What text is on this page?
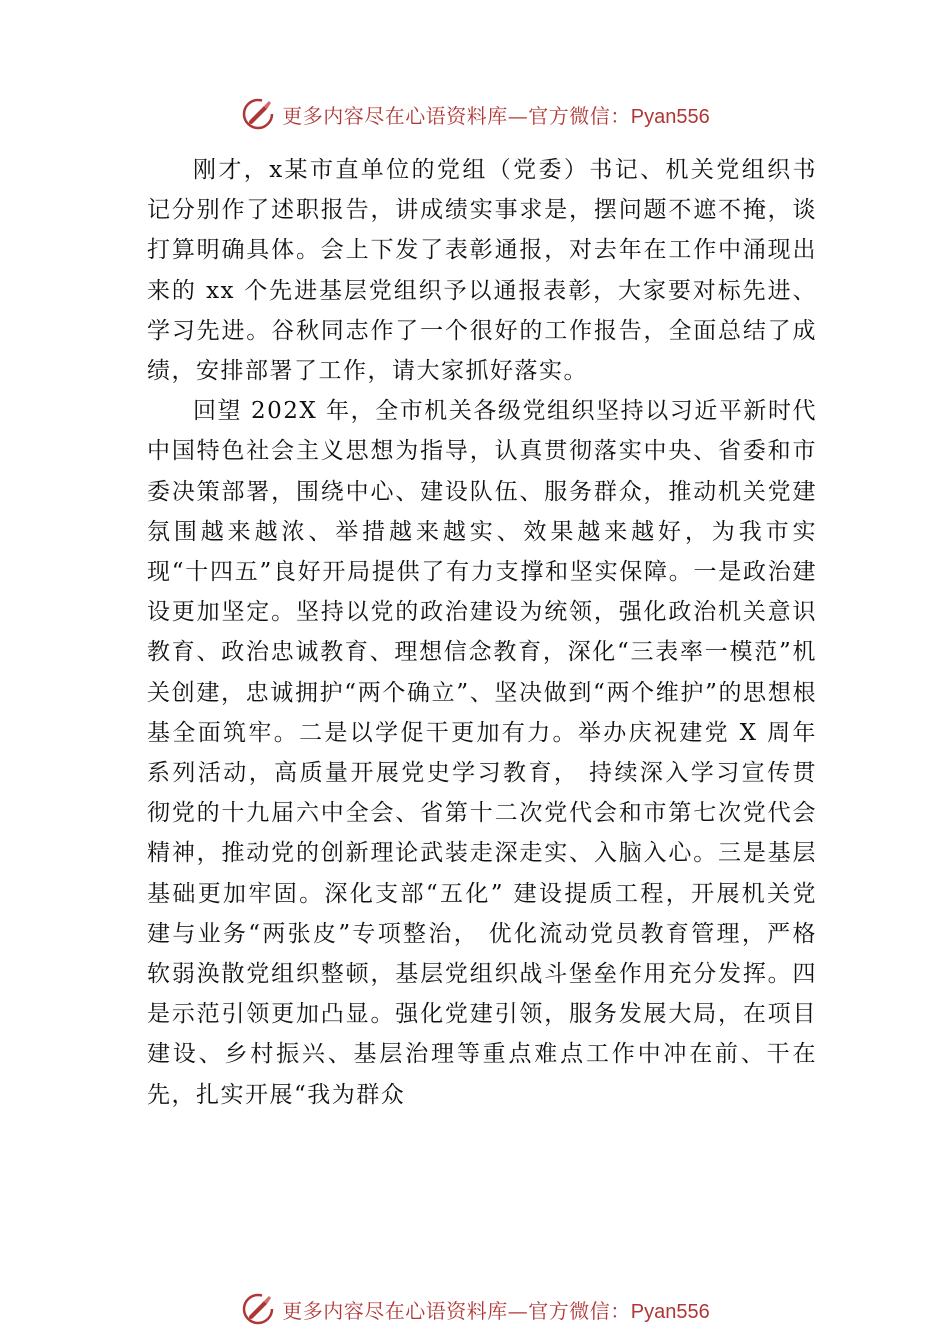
更多内容尽在心语资料库—官方微信：Pyan556

刚才，x某市直单位的党组（党委）书记、机关党组织书记分别作了述职报告，讲成绩实事求是，摆问题不遮不掩，谈打算明确具体。会上下发了表彰通报，对去年在工作中涌现出来的 xx 个先进基层党组织予以通报表彰，大家要对标先进、学习先进。谷秋同志作了一个很好的工作报告，全面总结了成绩，安排部署了工作，请大家抓好落实。

回望 202X 年，全市机关各级党组织坚持以习近平新时代中国特色社会主义思想为指导，认真贯彻落实中央、省委和市委决策部署，围绕中心、建设队伍、服务群众，推动机关党建氛围越来越浓、举措越来越实、效果越来越好，为我市实现“十四五”良好开局提供了有力支撑和坚实保障。一是政治建设更加坚定。坚持以党的政治建设为统领，强化政治机关意识教育、政治忠诚教育、理想信念教育，深化“三表率一模范”机关创建，忠诚拥护“两个确立”、坚决做到“两个维护”的思想根基全面筑牢。二是以学促干更加有力。举办庆祝建党 X 周年系列活动，高质量开展党史学习教育， 持续深入学习宣传贯彻党的十九届六中全会、省第十二次党代会和市第七次党代会精神，推动党的创新理论武装走深走实、入脑入心。三是基层基础更加牢固。深化支部“五化” 建设提质工程，开展机关党建与业务“两张皮”专项整治， 优化流动党员教育管理，严格软弱涣散党组织整顿，基层党组织战斗堡垒作用充分发挥。四是示范引领更加凸显。强化党建引领，服务发展大局，在项目建设、乡村振兴、基层治理等重点难点工作中冲在前、干在先，扎实开展“我为群众

更多内容尽在心语资料库—官方微信：Pyan556
